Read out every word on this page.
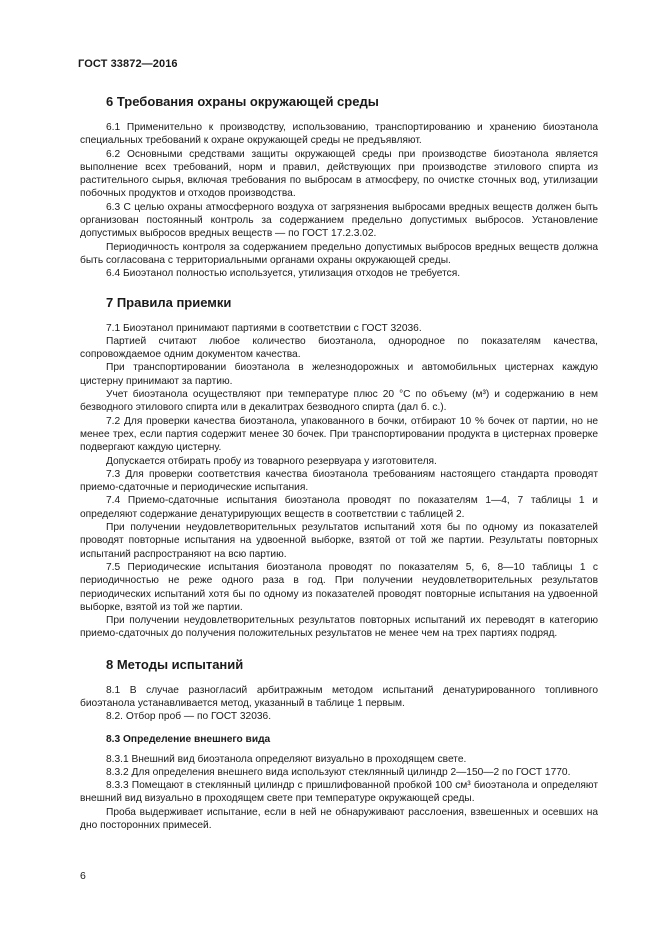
ГОСТ 33872—2016
6 Требования охраны окружающей среды

6.1 Применительно к производству, использованию, транспортированию и хранению биоэтанола специальных требований к охране окружающей среды не предъявляют.

6.2 Основными средствами защиты окружающей среды при производстве биоэтанола является выполнение всех требований, норм и правил, действующих при производстве этилового спирта из растительного сырья, включая требования по выбросам в атмосферу, по очистке сточных вод, утилизации побочных продуктов и отходов производства.

6.3 С целью охраны атмосферного воздуха от загрязнения выбросами вредных веществ должен быть организован постоянный контроль за содержанием предельно допустимых выбросов. Установление допустимых выбросов вредных веществ — по ГОСТ 17.2.3.02.

Периодичность контроля за содержанием предельно допустимых выбросов вредных веществ должна быть согласована с территориальными органами охраны окружающей среды.

6.4 Биоэтанол полностью используется, утилизация отходов не требуется.

7 Правила приемки

7.1 Биоэтанол принимают партиями в соответствии с ГОСТ 32036.

Партией считают любое количество биоэтанола, однородное по показателям качества, сопровождаемое одним документом качества.

При транспортировании биоэтанола в железнодорожных и автомобильных цистернах каждую цистерну принимают за партию.

Учет биоэтанола осуществляют при температуре плюс 20 °С по объему (м³) и содержанию в нем безводного этилового спирта или в декалитрах безводного спирта (дал б. с.).

7.2 Для проверки качества биоэтанола, упакованного в бочки, отбирают 10 % бочек от партии, но не менее трех, если партия содержит менее 30 бочек. При транспортировании продукта в цистернах проверке подвергают каждую цистерну.

Допускается отбирать пробу из товарного резервуара у изготовителя.

7.3 Для проверки соответствия качества биоэтанола требованиям настоящего стандарта проводят приемо-сдаточные и периодические испытания.

7.4 Приемо-сдаточные испытания биоэтанола проводят по показателям 1—4, 7 таблицы 1 и определяют содержание денатурирующих веществ в соответствии с таблицей 2.

При получении неудовлетворительных результатов испытаний хотя бы по одному из показателей проводят повторные испытания на удвоенной выборке, взятой от той же партии. Результаты повторных испытаний распространяют на всю партию.

7.5 Периодические испытания биоэтанола проводят по показателям 5, 6, 8—10 таблицы 1 с периодичностью не реже одного раза в год. При получении неудовлетворительных результатов периодических испытаний хотя бы по одному из показателей проводят повторные испытания на удвоенной выборке, взятой из той же партии.

При получении неудовлетворительных результатов повторных испытаний их переводят в категорию приемо-сдаточных до получения положительных результатов не менее чем на трех партиях подряд.

8 Методы испытаний

8.1 В случае разногласий арбитражным методом испытаний денатурированного топливного биоэтанола устанавливается метод, указанный в таблице 1 первым.

8.2. Отбор проб — по ГОСТ 32036.

8.3 Определение внешнего вида

8.3.1 Внешний вид биоэтанола определяют визуально в проходящем свете.

8.3.2 Для определения внешнего вида используют стеклянный цилиндр 2—150—2 по ГОСТ 1770.

8.3.3 Помещают в стеклянный цилиндр с пришлифованной пробкой 100 см³ биоэтанола и определяют внешний вид визуально в проходящем свете при температуре окружающей среды.

Проба выдерживает испытание, если в ней не обнаруживают расслоения, взвешенных и осевших на дно посторонних примесей.

6
